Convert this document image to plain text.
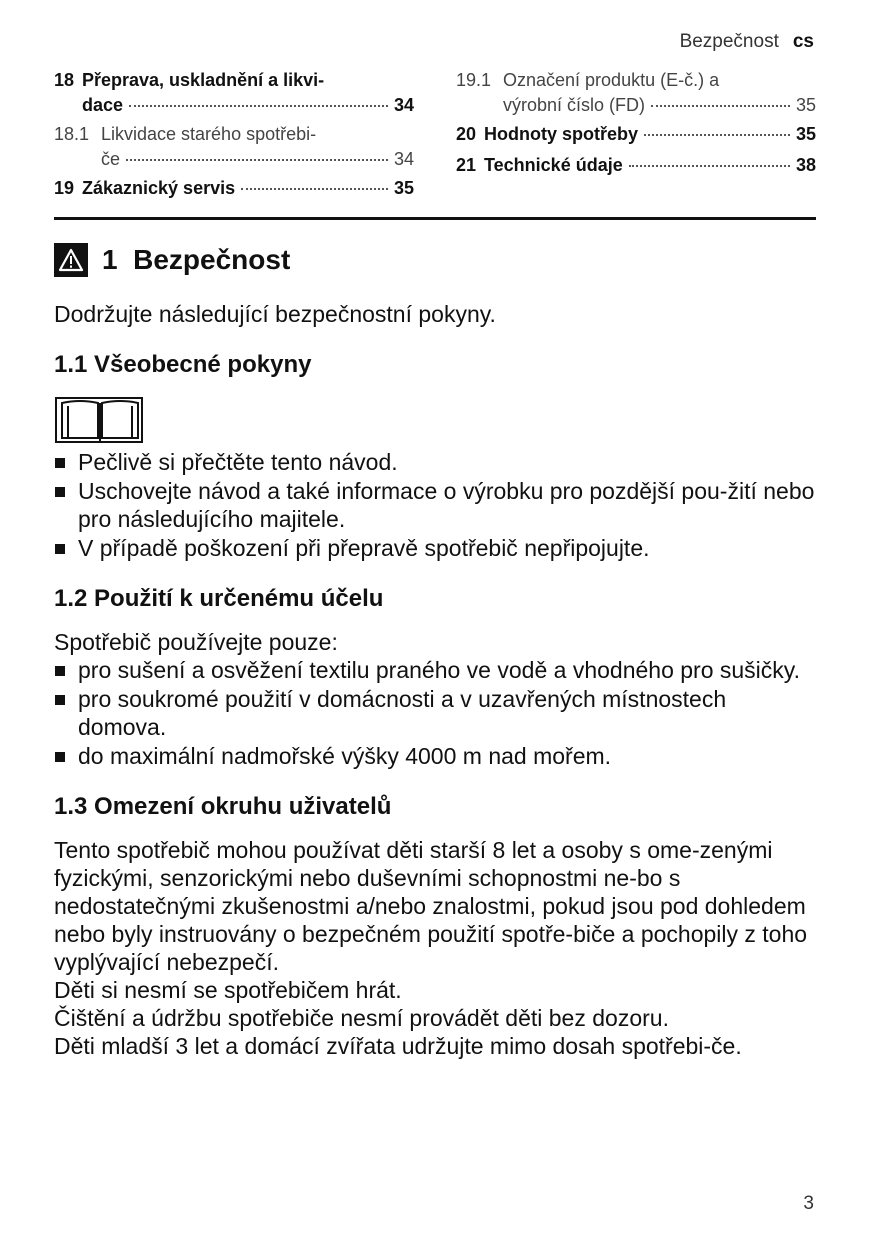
Bezpečnost cs
18 Přeprava, uskladnění a likvi-
dace	34
18.1 Likvidace starého spotřebi-
če	34
19 Zákaznický servis	35
19.1 Označení produktu (E-č.) a
výrobní číslo (FD)	35
20 Hodnoty spotřeby	35
21 Technické údaje	38
1 Bezpečnost
Dodržujte následující bezpečnostní pokyny.
1.1 Všeobecné pokyny
Pečlivě si přečtěte tento návod.
Uschovejte návod a také informace o výrobku pro pozdější pou-žití nebo pro následujícího majitele.
V případě poškození při přepravě spotřebič nepřipojujte.
1.2 Použití k určenému účelu
Spotřebič používejte pouze:
pro sušení a osvěžení textilu praného ve vodě a vhodného pro sušičky.
pro soukromé použití v domácnosti a v uzavřených místnostech domova.
do maximální nadmořské výšky 4000 m nad mořem.
1.3 Omezení okruhu uživatelů

Tento spotřebič mohou používat děti starší 8 let a osoby s ome-zenými fyzickými, senzorickými nebo duševními schopnostmi ne-bo s nedostatečnými zkušenostmi a/nebo znalostmi, pokud jsou pod dohledem nebo byly instruovány o bezpečném použití spotře-biče a pochopily z toho vyplývající nebezpečí.

Děti si nesmí se spotřebičem hrát.

Čištění a údržbu spotřebiče nesmí provádět děti bez dozoru.

Děti mladší 3 let a domácí zvířata udržujte mimo dosah spotřebi-če.

3
